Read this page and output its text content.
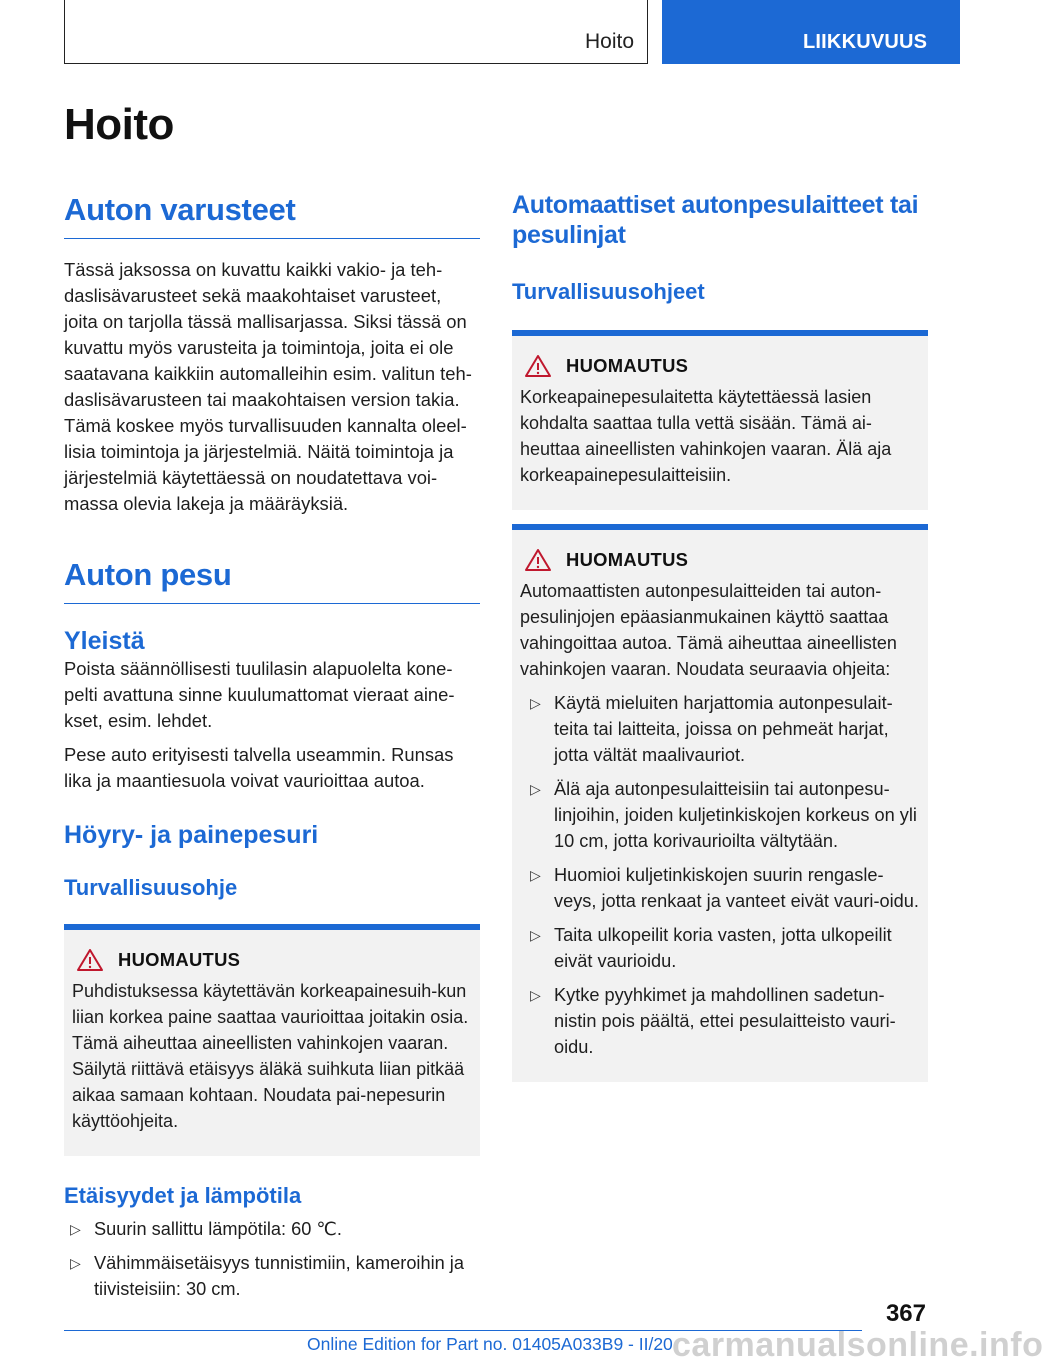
Hoito	LIIKKUVUUS
Hoito
Auton varusteet

Tässä jaksossa on kuvattu kaikki vakio- ja teh-daslisävarusteet sekä maakohtaiset varusteet, joita on tarjolla tässä mallisarjassa. Siksi tässä on kuvattu myös varusteita ja toimintoja, joita ei ole saatavana kaikkiin automalleihin esim. valitun teh-daslisävarusteen tai maakohtaisen version takia. Tämä koskee myös turvallisuuden kannalta oleel-lisia toimintoja ja järjestelmiä. Näitä toimintoja ja järjestelmiä käytettäessä on noudatettava voi-massa olevia lakeja ja määräyksiä.

Auton pesu
Yleistä

Poista säännöllisesti tuulilasin alapuolelta kone-pelti avattuna sinne kuulumattomat vieraat aine-kset, esim. lehdet.

Pese auto erityisesti talvella useammin. Runsas lika ja maantiesuola voivat vaurioittaa autoa.

Höyry- ja painepesuri
Turvallisuusohje
HUOMAUTUS

Puhdistuksessa käytettävän korkeapainesuih-kun liian korkea paine saattaa vaurioittaa joitakin osia. Tämä aiheuttaa aineellisten vahinkojen vaaran. Säilytä riittävä etäisyys äläkä suihkuta liian pitkää aikaa samaan kohtaan. Noudata pai-nepesurin käyttöohjeita.

Etäisyydet ja lämpötila
▷ Suurin sallittu lämpötila: 60 ℃.
▷ Vähimmäisetäisyys tunnistimiin, kameroihin ja tiivisteisiin: 30 cm.
Automaattiset autonpesulaitteet tai pesulinjat
Turvallisuusohjeet
HUOMAUTUS

Korkeapainepesulaitetta käytettäessä lasien kohdalta saattaa tulla vettä sisään. Tämä ai-heuttaa aineellisten vahinkojen vaaran. Älä aja korkeapainepesulaitteisiin.

HUOMAUTUS

Automaattisten autonpesulaitteiden tai auton-pesulinjojen epäasianmukainen käyttö saattaa vahingoittaa autoa. Tämä aiheuttaa aineellisten vahinkojen vaaran. Noudata seuraavia ohjeita:

▷ Käytä mieluiten harjattomia autonpesulait-teita tai laitteita, joissa on pehmeät harjat, jotta vältät maalivauriot.
▷ Älä aja autonpesulaitteisiin tai autonpesu-linjoihin, joiden kuljetinkiskojen korkeus on yli 10 cm, jotta korivaurioilta vältytään.
▷ Huomioi kuljetinkiskojen suurin rengasle-veys, jotta renkaat ja vanteet eivät vauri-oidu.
▷ Taita ulkopeilit koria vasten, jotta ulkopeilit eivät vaurioidu.
▷ Kytke pyyhkimet ja mahdollinen sadetun-nistin pois päältä, ettei pesulaitteisto vauri-oidu.
367
Online Edition for Part no. 01405A033B9 - II/20 carmanualsonline.info
